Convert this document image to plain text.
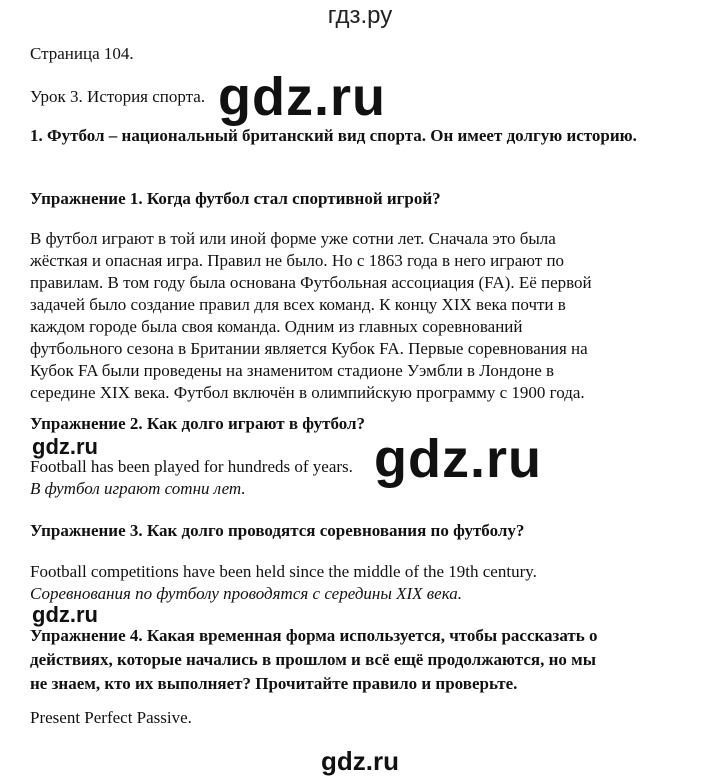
гдз.ру
Страница 104.
Урок 3. История спорта. gdz.ru
1. Футбол – национальный британский вид спорта. Он имеет долгую историю.
Упражнение 1. Когда футбол стал спортивной игрой?
В футбол играют в той или иной форме уже сотни лет. Сначала это была
жёсткая и опасная игра. Правил не было. Но с 1863 года в него играют по
правилам. В том году была основана Футбольная ассоциация (FA). Её первой
задачей было создание правил для всех команд. К концу XIX века почти в
каждом городе была своя команда. Одним из главных соревнований
футбольного сезона в Британии является Кубок FA. Первые соревнования на
Кубок FA были проведены на знаменитом стадионе Уэмбли в Лондоне в
середине XIX века. Футбол включён в олимпийскую программу с 1900 года.
Упражнение 2. Как долго играют в футбол?
gdz.ru
Football has been played for hundreds of years.
В футбол играют сотни лет. gdz.ru
Упражнение 3. Как долго проводятся соревнования по футболу?
Football competitions have been held since the middle of the 19th century.
Соревнования по футболу проводятся с середины XIX века.
gdz.ru
Упражнение 4. Какая временная форма используется, чтобы рассказать о
действиях, которые начались в прошлом и всё ещё продолжаются, но мы
не знаем, кто их выполняет? Прочитайте правило и проверьте.
Present Perfect Passive.
gdz.ru
